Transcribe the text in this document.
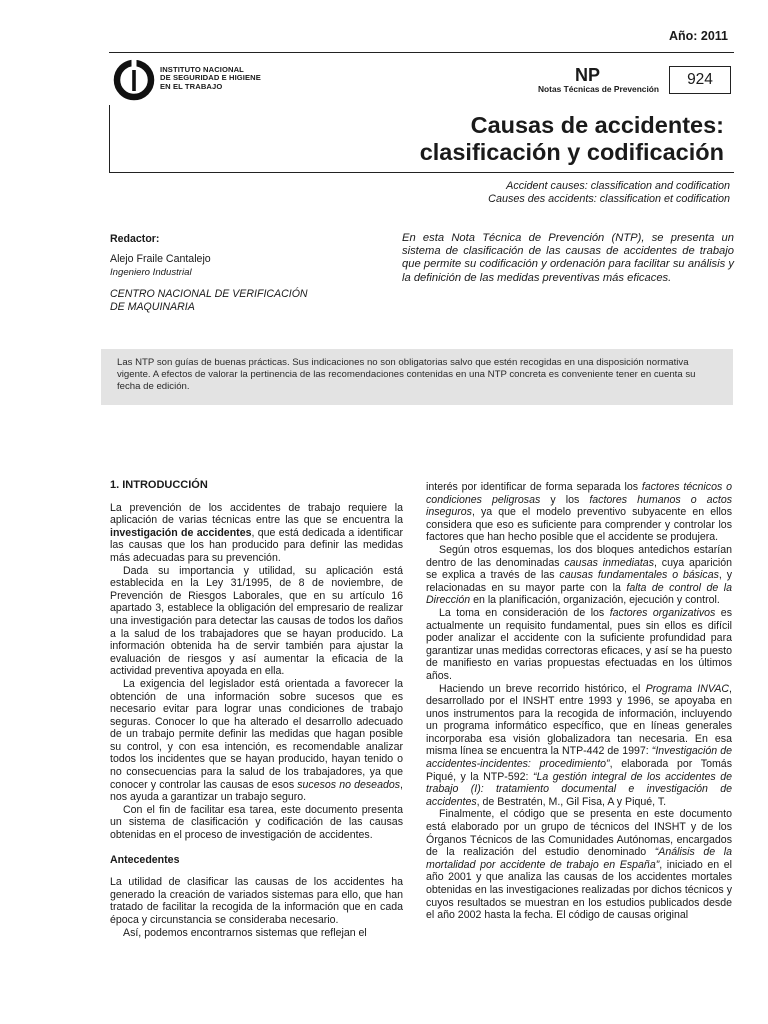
Año: 2011
INSTITUTO NACIONAL
DE SEGURIDAD E HIGIENE
EN EL TRABAJO
NP
Notas Técnicas de Prevención
924
Causas de accidentes:
clasificación y codificación
Accident causes: classification and codification
Causes des accidents: classification et codification
Redactor:
Alejo Fraile Cantalejo
Ingeniero Industrial
CENTRO NACIONAL DE VERIFICACIÓN
DE MAQUINARIA
En esta Nota Técnica de Prevención (NTP), se presenta un sistema de clasificación de las causas de accidentes de trabajo que permite su codificación y ordenación para facilitar su análisis y la definición de las medidas preventivas más eficaces.
Las NTP son guías de buenas prácticas. Sus indicaciones no son obligatorias salvo que estén recogidas en una disposición normativa vigente. A efectos de valorar la pertinencia de las recomendaciones contenidas en una NTP concreta es conveniente tener en cuenta su fecha de edición.
1. INTRODUCCIÓN

La prevención de los accidentes de trabajo requiere la aplicación de varias técnicas entre las que se encuentra la investigación de accidentes, que está dedicada a identificar las causas que los han producido para definir las medidas más adecuadas para su prevención.

Dada su importancia y utilidad, su aplicación está establecida en la Ley 31/1995, de 8 de noviembre, de Prevención de Riesgos Laborales, que en su artículo 16 apartado 3, establece la obligación del empresario de realizar una investigación para detectar las causas de todos los daños a la salud de los trabajadores que se hayan producido. La información obtenida ha de servir también para ajustar la evaluación de riesgos y así aumentar la eficacia de la actividad preventiva apoyada en ella.

La exigencia del legislador está orientada a favorecer la obtención de una información sobre sucesos que es necesario evitar para lograr unas condiciones de trabajo seguras. Conocer lo que ha alterado el desarrollo adecuado de un trabajo permite definir las medidas que hagan posible su control, y con esa intención, es recomendable analizar todos los incidentes que se hayan producido, hayan tenido o no consecuencias para la salud de los trabajadores, ya que conocer y controlar las causas de esos sucesos no deseados, nos ayuda a garantizar un trabajo seguro.

Con el fin de facilitar esa tarea, este documento presenta un sistema de clasificación y codificación de las causas obtenidas en el proceso de investigación de accidentes.

Antecedentes

La utilidad de clasificar las causas de los accidentes ha generado la creación de variados sistemas para ello, que han tratado de facilitar la recogida de la información que en cada época y circunstancia se consideraba necesario.

Así, podemos encontrarnos sistemas que reflejan el

interés por identificar de forma separada los factores técnicos o condiciones peligrosas y los factores humanos o actos inseguros, ya que el modelo preventivo subyacente en ellos considera que eso es suficiente para comprender y controlar los factores que han hecho posible que el accidente se produjera.

Según otros esquemas, los dos bloques antedichos estarían dentro de las denominadas causas inmediatas, cuya aparición se explica a través de las causas fundamentales o básicas, y relacionadas en su mayor parte con la falta de control de la Dirección en la planificación, organización, ejecución y control.

La toma en consideración de los factores organizativos es actualmente un requisito fundamental, pues sin ellos es difícil poder analizar el accidente con la suficiente profundidad para garantizar unas medidas correctoras eficaces, y así se ha puesto de manifiesto en varias propuestas efectuadas en los últimos años.

Haciendo un breve recorrido histórico, el Programa INVAC, desarrollado por el INSHT entre 1993 y 1996, se apoyaba en unos instrumentos para la recogida de información, incluyendo un programa informático específico, que en líneas generales incorporaba esa visión globalizadora tan necesaria. En esa misma línea se encuentra la NTP-442 de 1997: “Investigación de accidentes-incidentes: procedimiento”, elaborada por Tomás Piqué, y la NTP-592: “La gestión integral de los accidentes de trabajo (I): tratamiento documental e investigación de accidentes, de Bestratén, M., Gil Fisa, A y Piqué, T.

Finalmente, el código que se presenta en este documento está elaborado por un grupo de técnicos del INSHT y de los Órganos Técnicos de las Comunidades Autónomas, encargados de la realización del estudio denominado “Análisis de la mortalidad por accidente de trabajo en España”, iniciado en el año 2001 y que analiza las causas de los accidentes mortales obtenidas en las investigaciones realizadas por dichos técnicos y cuyos resultados se muestran en los estudios publicados desde el año 2002 hasta la fecha. El código de causas original
